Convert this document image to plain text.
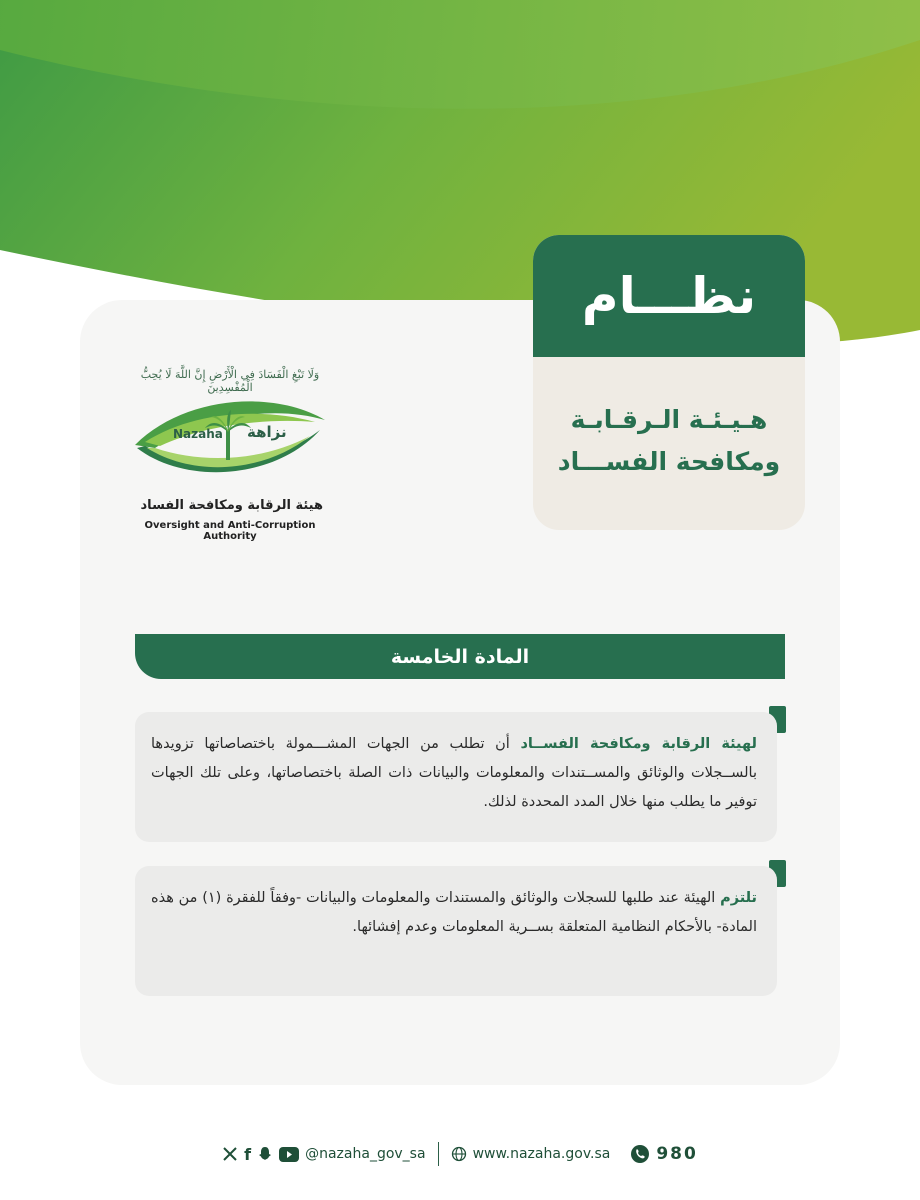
نظـــام
هـيـئـة الـرقـابـة
ومكافحة الفســـاد
وَلَا تَبْغِ الْفَسَادَ فِي الْأَرْضِ إِنَّ اللَّهَ لَا يُحِبُّ الْمُفْسِدِينَ
Nazaha نزاهة
هيئة الرقابة ومكافحة الفساد
Oversight and Anti-Corruption Authority
المادة الخامسة
لهيئة الرقابة ومكافحة الفســاد أن تطلب من الجهات المشـــمولة باختصاصاتها تزويدها بالســجلات والوثائق والمســتندات والمعلومات والبيانات ذات الصلة باختصاصاتها، وعلى تلك الجهات توفير ما يطلب منها خلال المدد المحددة لذلك.
تلتزم الهيئة عند طلبها للسجلات والوثائق والمستندات والمعلومات والبيانات -وفقاً للفقرة (١) من هذه المادة- بالأحكام النظامية المتعلقة بســرية المعلومات وعدم إفشائها.
f	@nazaha_gov_sa	www.nazaha.gov.sa	980
